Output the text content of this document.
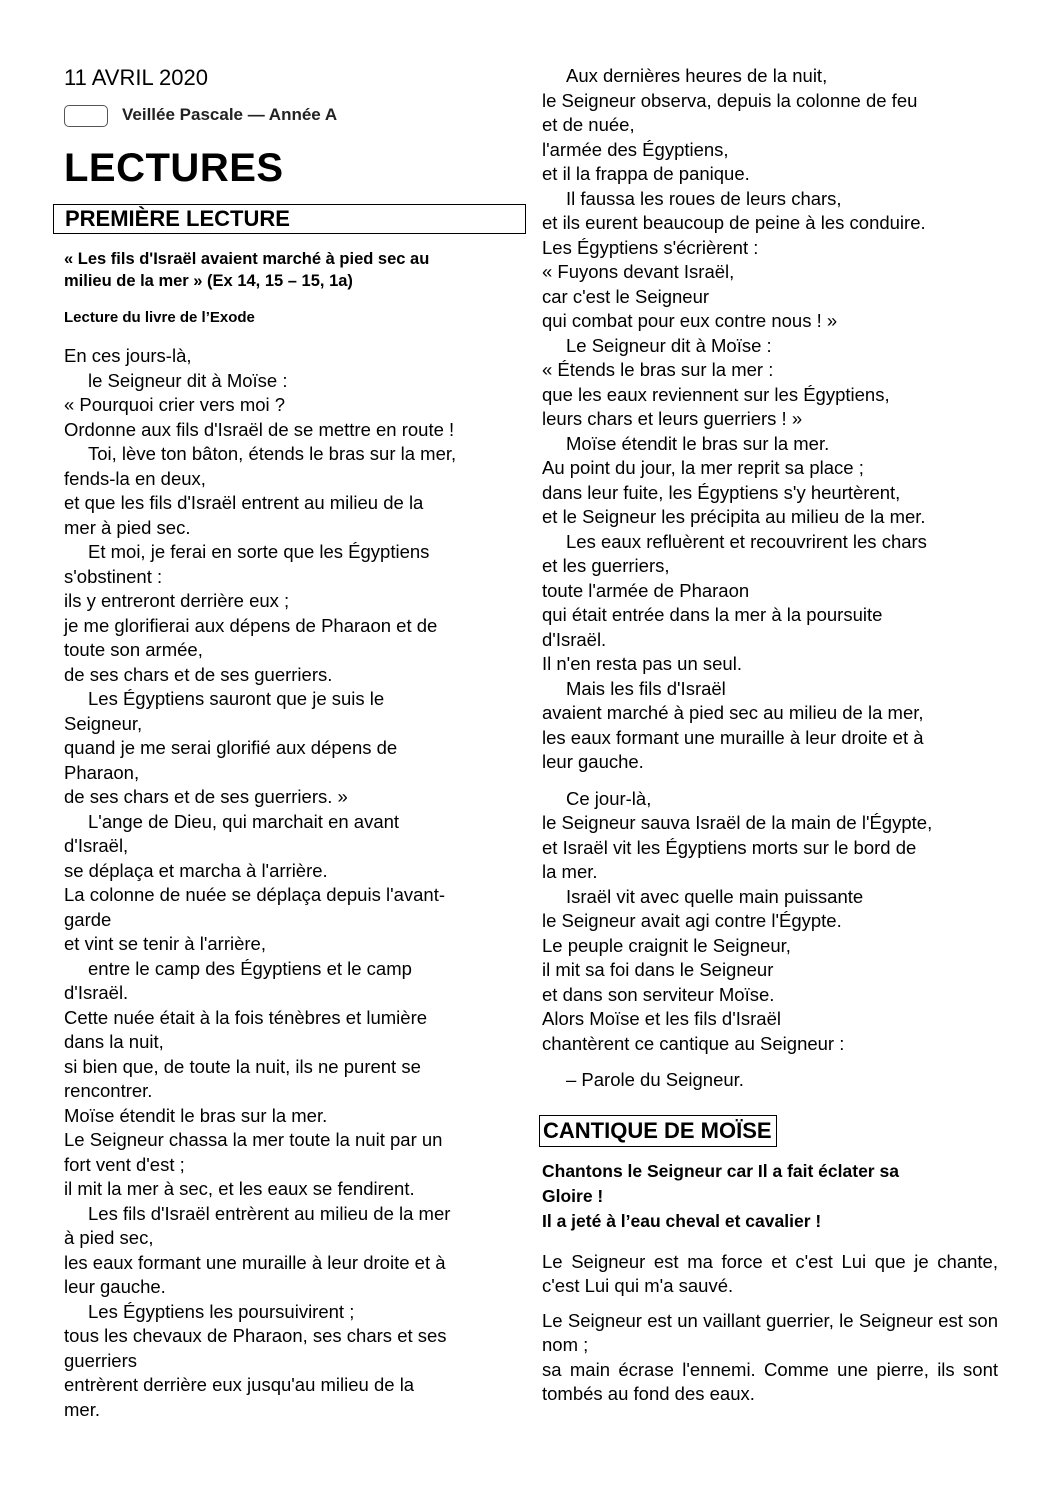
11 AVRIL 2020
Veillée Pascale — Année A
LECTURES
PREMIÈRE LECTURE
« Les fils d'Israël avaient marché à pied sec au
milieu de la mer » (Ex 14, 15 – 15, 1a)
Lecture du livre de l’Exode
En ces jours-là,
le Seigneur dit à Moïse :
« Pourquoi crier vers moi ?
Ordonne aux fils d'Israël de se mettre en route !
Toi, lève ton bâton, étends le bras sur la mer,
fends-la en deux,
et que les fils d'Israël entrent au milieu de la
mer à pied sec.
Et moi, je ferai en sorte que les Égyptiens
s'obstinent :
ils y entreront derrière eux ;
je me glorifierai aux dépens de Pharaon et de
toute son armée,
de ses chars et de ses guerriers.
Les Égyptiens sauront que je suis le
Seigneur,
quand je me serai glorifié aux dépens de
Pharaon,
de ses chars et de ses guerriers. »
L'ange de Dieu, qui marchait en avant
d'Israël,
se déplaça et marcha à l'arrière.
La colonne de nuée se déplaça depuis l'avant-
garde
et vint se tenir à l'arrière,
entre le camp des Égyptiens et le camp
d'Israël.
Cette nuée était à la fois ténèbres et lumière
dans la nuit,
si bien que, de toute la nuit, ils ne purent se
rencontrer.
Moïse étendit le bras sur la mer.
Le Seigneur chassa la mer toute la nuit par un
fort vent d'est ;
il mit la mer à sec, et les eaux se fendirent.
Les fils d'Israël entrèrent au milieu de la mer
à pied sec,
les eaux formant une muraille à leur droite et à
leur gauche.
Les Égyptiens les poursuivirent ;
tous les chevaux de Pharaon, ses chars et ses
guerriers
entrèrent derrière eux jusqu'au milieu de la
mer.
Aux dernières heures de la nuit,
le Seigneur observa, depuis la colonne de feu
et de nuée,
l'armée des Égyptiens,
et il la frappa de panique.
Il faussa les roues de leurs chars,
et ils eurent beaucoup de peine à les conduire.
Les Égyptiens s'écrièrent :
« Fuyons devant Israël,
car c'est le Seigneur
qui combat pour eux contre nous ! »
Le Seigneur dit à Moïse :
« Étends le bras sur la mer :
que les eaux reviennent sur les Égyptiens,
leurs chars et leurs guerriers ! »
Moïse étendit le bras sur la mer.
Au point du jour, la mer reprit sa place ;
dans leur fuite, les Égyptiens s'y heurtèrent,
et le Seigneur les précipita au milieu de la mer.
Les eaux refluèrent et recouvrirent les chars
et les guerriers,
toute l'armée de Pharaon
qui était entrée dans la mer à la poursuite
d'Israël.
Il n'en resta pas un seul.
Mais les fils d'Israël
avaient marché à pied sec au milieu de la mer,
les eaux formant une muraille à leur droite et à
leur gauche.
Ce jour-là,
le Seigneur sauva Israël de la main de l'Égypte,
et Israël vit les Égyptiens morts sur le bord de
la mer.
Israël vit avec quelle main puissante
le Seigneur avait agi contre l'Égypte.
Le peuple craignit le Seigneur,
il mit sa foi dans le Seigneur
et dans son serviteur Moïse.
Alors Moïse et les fils d'Israël
chantèrent ce cantique au Seigneur :
– Parole du Seigneur.
CANTIQUE DE MOÏSE
Chantons le Seigneur car Il a fait éclater sa
Gloire !
Il a jeté à l’eau cheval et cavalier !
Le Seigneur est ma force et c'est Lui que je chante, c'est Lui qui m'a sauvé.
Le Seigneur est un vaillant guerrier, le Seigneur est son nom ;
sa main écrase l'ennemi. Comme une pierre, ils sont tombés au fond des eaux.
